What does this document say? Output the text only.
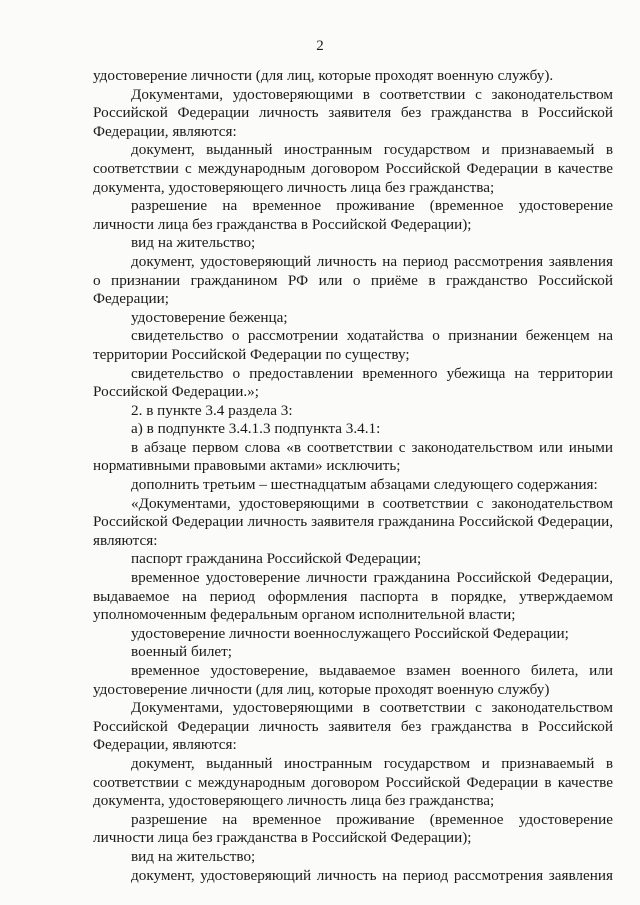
2

удостоверение личности (для лиц, которые проходят военную службу).

Документами, удостоверяющими в соответствии с законодательством Российской Федерации личность заявителя без гражданства в Российской Федерации, являются:

документ, выданный иностранным государством и признаваемый в соответствии с международным договором Российской Федерации в качестве документа, удостоверяющего личность лица без гражданства;

разрешение на временное проживание (временное удостоверение личности лица без гражданства в Российской Федерации);

вид на жительство;

документ, удостоверяющий личность на период рассмотрения заявления о признании гражданином РФ или о приёме в гражданство Российской Федерации;

удостоверение беженца;

свидетельство о рассмотрении ходатайства о признании беженцем на территории Российской Федерации по существу;

свидетельство о предоставлении временного убежища на территории Российской Федерации.»;

2. в пункте 3.4 раздела 3:

а) в подпункте 3.4.1.3 подпункта 3.4.1:

в абзаце первом слова «в соответствии с законодательством или иными нормативными правовыми актами» исключить;

дополнить третьим – шестнадцатым абзацами следующего содержания:

«Документами, удостоверяющими в соответствии с законодательством Российской Федерации личность заявителя гражданина Российской Федерации, являются:

паспорт гражданина Российской Федерации;

временное удостоверение личности гражданина Российской Федерации, выдаваемое на период оформления паспорта в порядке, утверждаемом уполномоченным федеральным органом исполнительной власти;

удостоверение личности военнослужащего Российской Федерации;

военный билет;

временное удостоверение, выдаваемое взамен военного билета, или удостоверение личности (для лиц, которые проходят военную службу)

Документами, удостоверяющими в соответствии с законодательством Российской Федерации личность заявителя без гражданства в Российской Федерации, являются:

документ, выданный иностранным государством и признаваемый в соответствии с международным договором Российской Федерации в качестве документа, удостоверяющего личность лица без гражданства;

разрешение на временное проживание (временное удостоверение личности лица без гражданства в Российской Федерации);

вид на жительство;

документ, удостоверяющий личность на период рассмотрения заявления
